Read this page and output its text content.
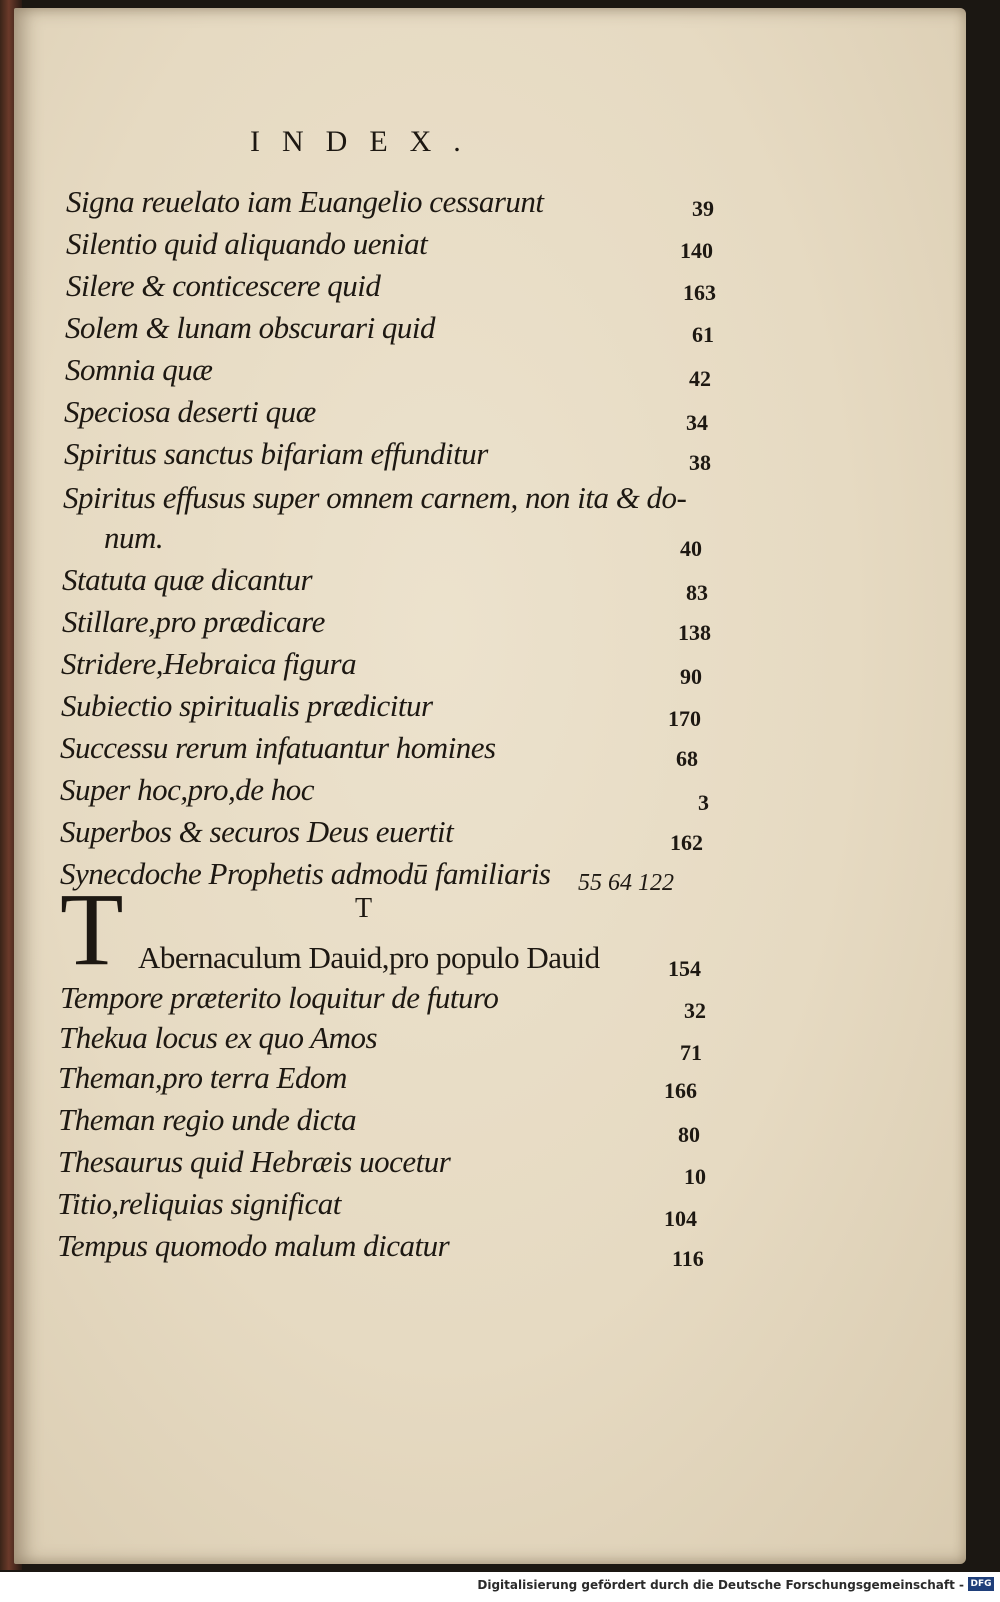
INDEX.
Signa reuelato iam Euangelio cessarunt	39
Silentio quid aliquando ueniat	140
Silere & conticescere quid	163
Solem & lunam obscurari quid	61
Somnia quæ	42
Speciosa deserti quæ	34
Spiritus sanctus bifariam effunditur	38
Spiritus effusus super omnem carnem, non ita & do-
num.	40
Statuta quæ dicantur	83
Stillare,pro prædicare	138
Stridere,Hebraica figura	90
Subiectio spiritualis prædicitur	170
Successu rerum infatuantur homines	68
Super hoc,pro,de hoc	3
Superbos & securos Deus euertit	162
Synecdoche Prophetis admodū familiaris 55 64 122
T
T Abernaculum Dauid,pro populo Dauid	154
Tempore præterito loquitur de futuro	32
Thekua locus ex quo Amos	71
Theman,pro terra Edom	166
Theman regio unde dicta	80
Thesaurus quid Hebræis uocetur	10
Titio,reliquias significat	104
Tempus quomodo malum dicatur	116
Digitalisierung gefördert durch die Deutsche Forschungsgemeinschaft - DFG
